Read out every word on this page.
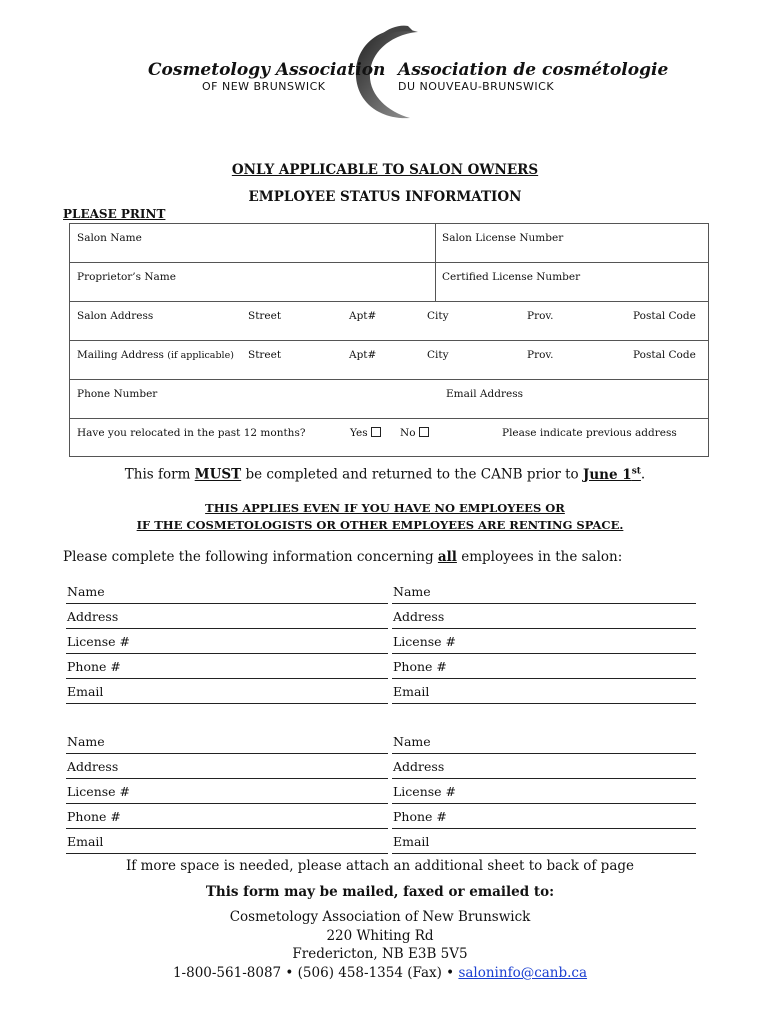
Cosmetology Association
OF NEW BRUNSWICK
Association de cosmétologie
DU NOUVEAU-BRUNSWICK
ONLY APPLICABLE TO SALON OWNERS
EMPLOYEE STATUS INFORMATION
PLEASE PRINT
Salon Name	Salon License Number
Proprietor’s Name	Certified License Number
Salon Address	Street	Apt#	City	Prov.	Postal Code
Mailing Address (if applicable) Street	Apt#	City	Prov.	Postal Code
Phone Number	Email Address
Have you relocated in the past 12 months?	Yes	No	Please indicate previous address
This form MUST be completed and returned to the CANB prior to June 1st.
THIS APPLIES EVEN IF YOU HAVE NO EMPLOYEES OR
IF THE COSMETOLOGISTS OR OTHER EMPLOYEES ARE RENTING SPACE.
Please complete the following information concerning all employees in the salon:
Name
Address
License #
Phone #
Email
Name
Address
License #
Phone #
Email
Name
Address
License #
Phone #
Email
Name
Address
License #
Phone #
Email
If more space is needed, please attach an additional sheet to back of page
This form may be mailed, faxed or emailed to:
Cosmetology Association of New Brunswick
220 Whiting Rd
Fredericton, NB E3B 5V5
1-800-561-8087 • (506) 458-1354 (Fax) • saloninfo@canb.ca
